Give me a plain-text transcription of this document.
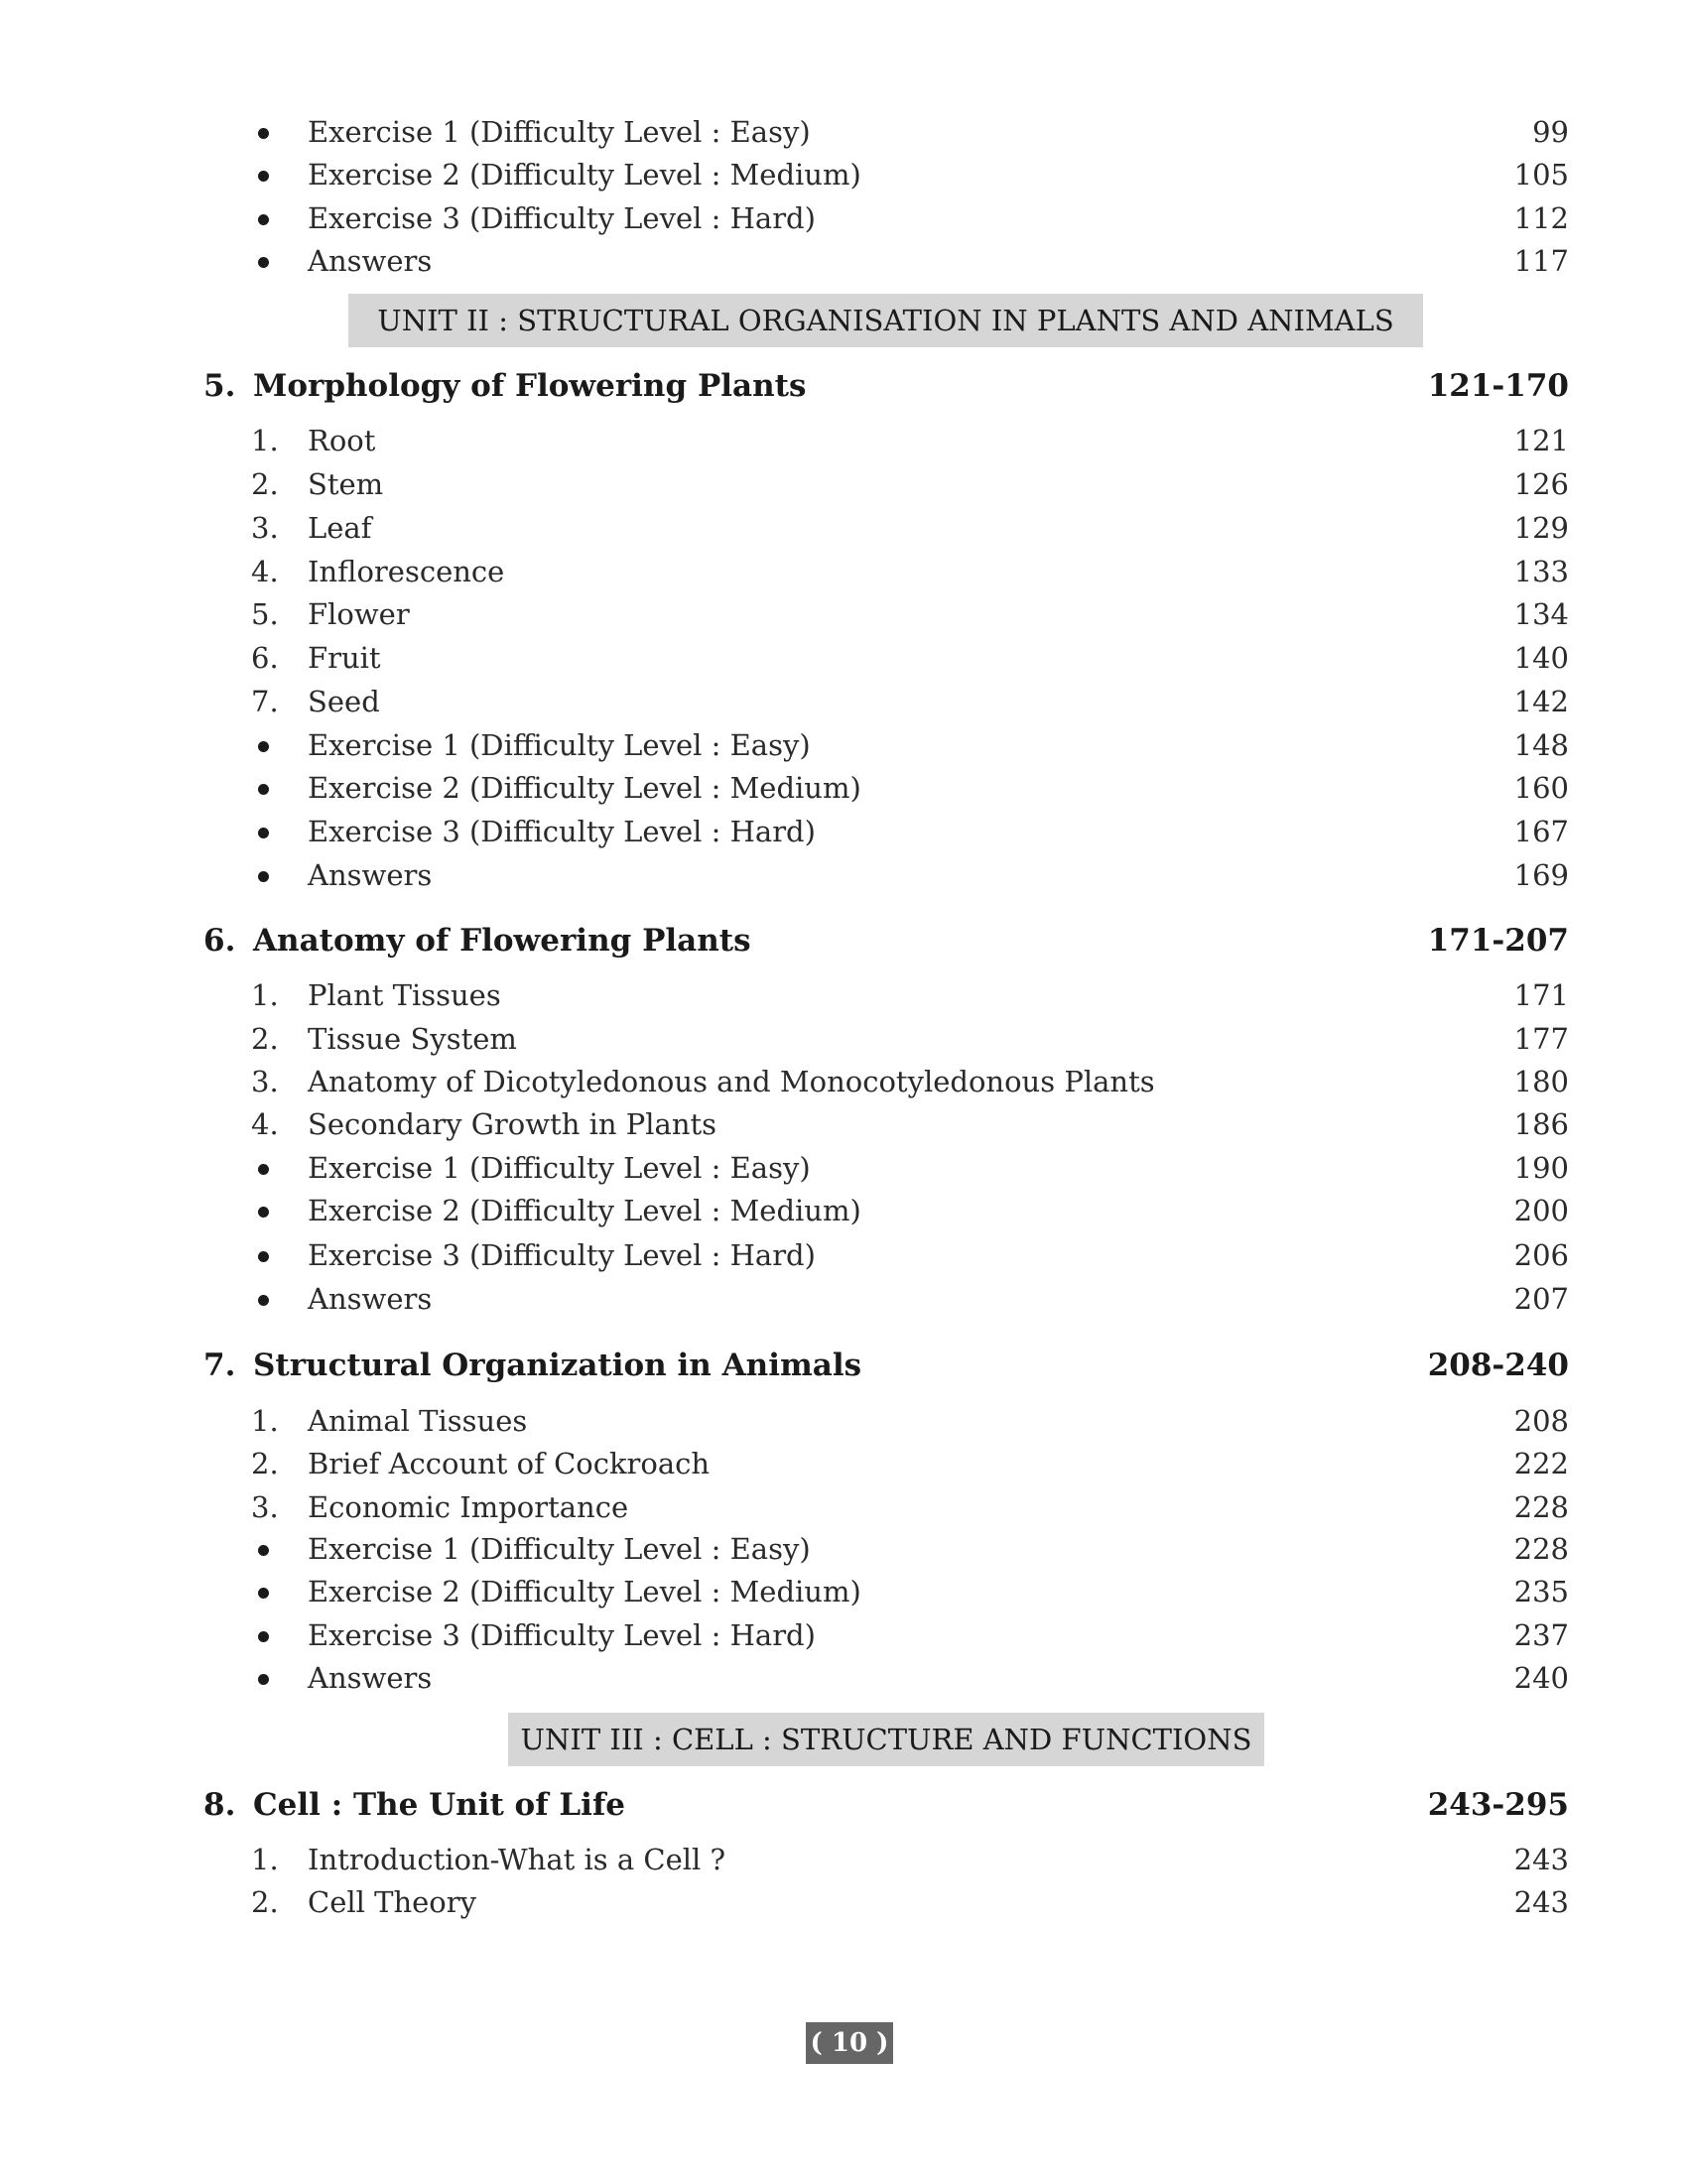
Exercise 1 (Difficulty Level : Easy)	99
Exercise 2 (Difficulty Level : Medium)	105
Exercise 3 (Difficulty Level : Hard)	112
Answers	117
UNIT II : STRUCTURAL ORGANISATION IN PLANTS AND ANIMALS
5. Morphology of Flowering Plants	121-170
1. Root	121
2. Stem	126
3. Leaf	129
4. Inflorescence	133
5. Flower	134
6. Fruit	140
7. Seed	142
Exercise 1 (Difficulty Level : Easy)	148
Exercise 2 (Difficulty Level : Medium)	160
Exercise 3 (Difficulty Level : Hard)	167
Answers	169
6. Anatomy of Flowering Plants	171-207
1. Plant Tissues	171
2. Tissue System	177
3. Anatomy of Dicotyledonous and Monocotyledonous Plants	180
4. Secondary Growth in Plants	186
Exercise 1 (Difficulty Level : Easy)	190
Exercise 2 (Difficulty Level : Medium)	200
Exercise 3 (Difficulty Level : Hard)	206
Answers	207
7. Structural Organization in Animals	208-240
1. Animal Tissues	208
2. Brief Account of Cockroach	222
3. Economic Importance	228
Exercise 1 (Difficulty Level : Easy)	228
Exercise 2 (Difficulty Level : Medium)	235
Exercise 3 (Difficulty Level : Hard)	237
Answers	240
UNIT III : CELL : STRUCTURE AND FUNCTIONS
8. Cell : The Unit of Life	243-295
1. Introduction-What is a Cell ?	243
2. Cell Theory	243
( 10 )
